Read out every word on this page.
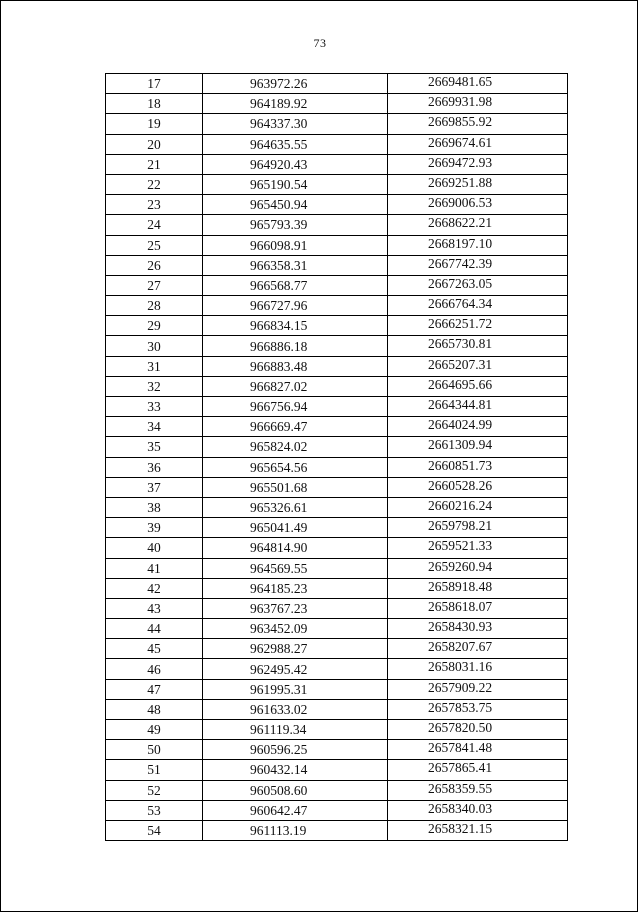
73
17	963972.26	2669481.65
18	964189.92	2669931.98
19	964337.30	2669855.92
20	964635.55	2669674.61
21	964920.43	2669472.93
22	965190.54	2669251.88
23	965450.94	2669006.53
24	965793.39	2668622.21
25	966098.91	2668197.10
26	966358.31	2667742.39
27	966568.77	2667263.05
28	966727.96	2666764.34
29	966834.15	2666251.72
30	966886.18	2665730.81
31	966883.48	2665207.31
32	966827.02	2664695.66
33	966756.94	2664344.81
34	966669.47	2664024.99
35	965824.02	2661309.94
36	965654.56	2660851.73
37	965501.68	2660528.26
38	965326.61	2660216.24
39	965041.49	2659798.21
40	964814.90	2659521.33
41	964569.55	2659260.94
42	964185.23	2658918.48
43	963767.23	2658618.07
44	963452.09	2658430.93
45	962988.27	2658207.67
46	962495.42	2658031.16
47	961995.31	2657909.22
48	961633.02	2657853.75
49	961119.34	2657820.50
50	960596.25	2657841.48
51	960432.14	2657865.41
52	960508.60	2658359.55
53	960642.47	2658340.03
54	961113.19	2658321.15
